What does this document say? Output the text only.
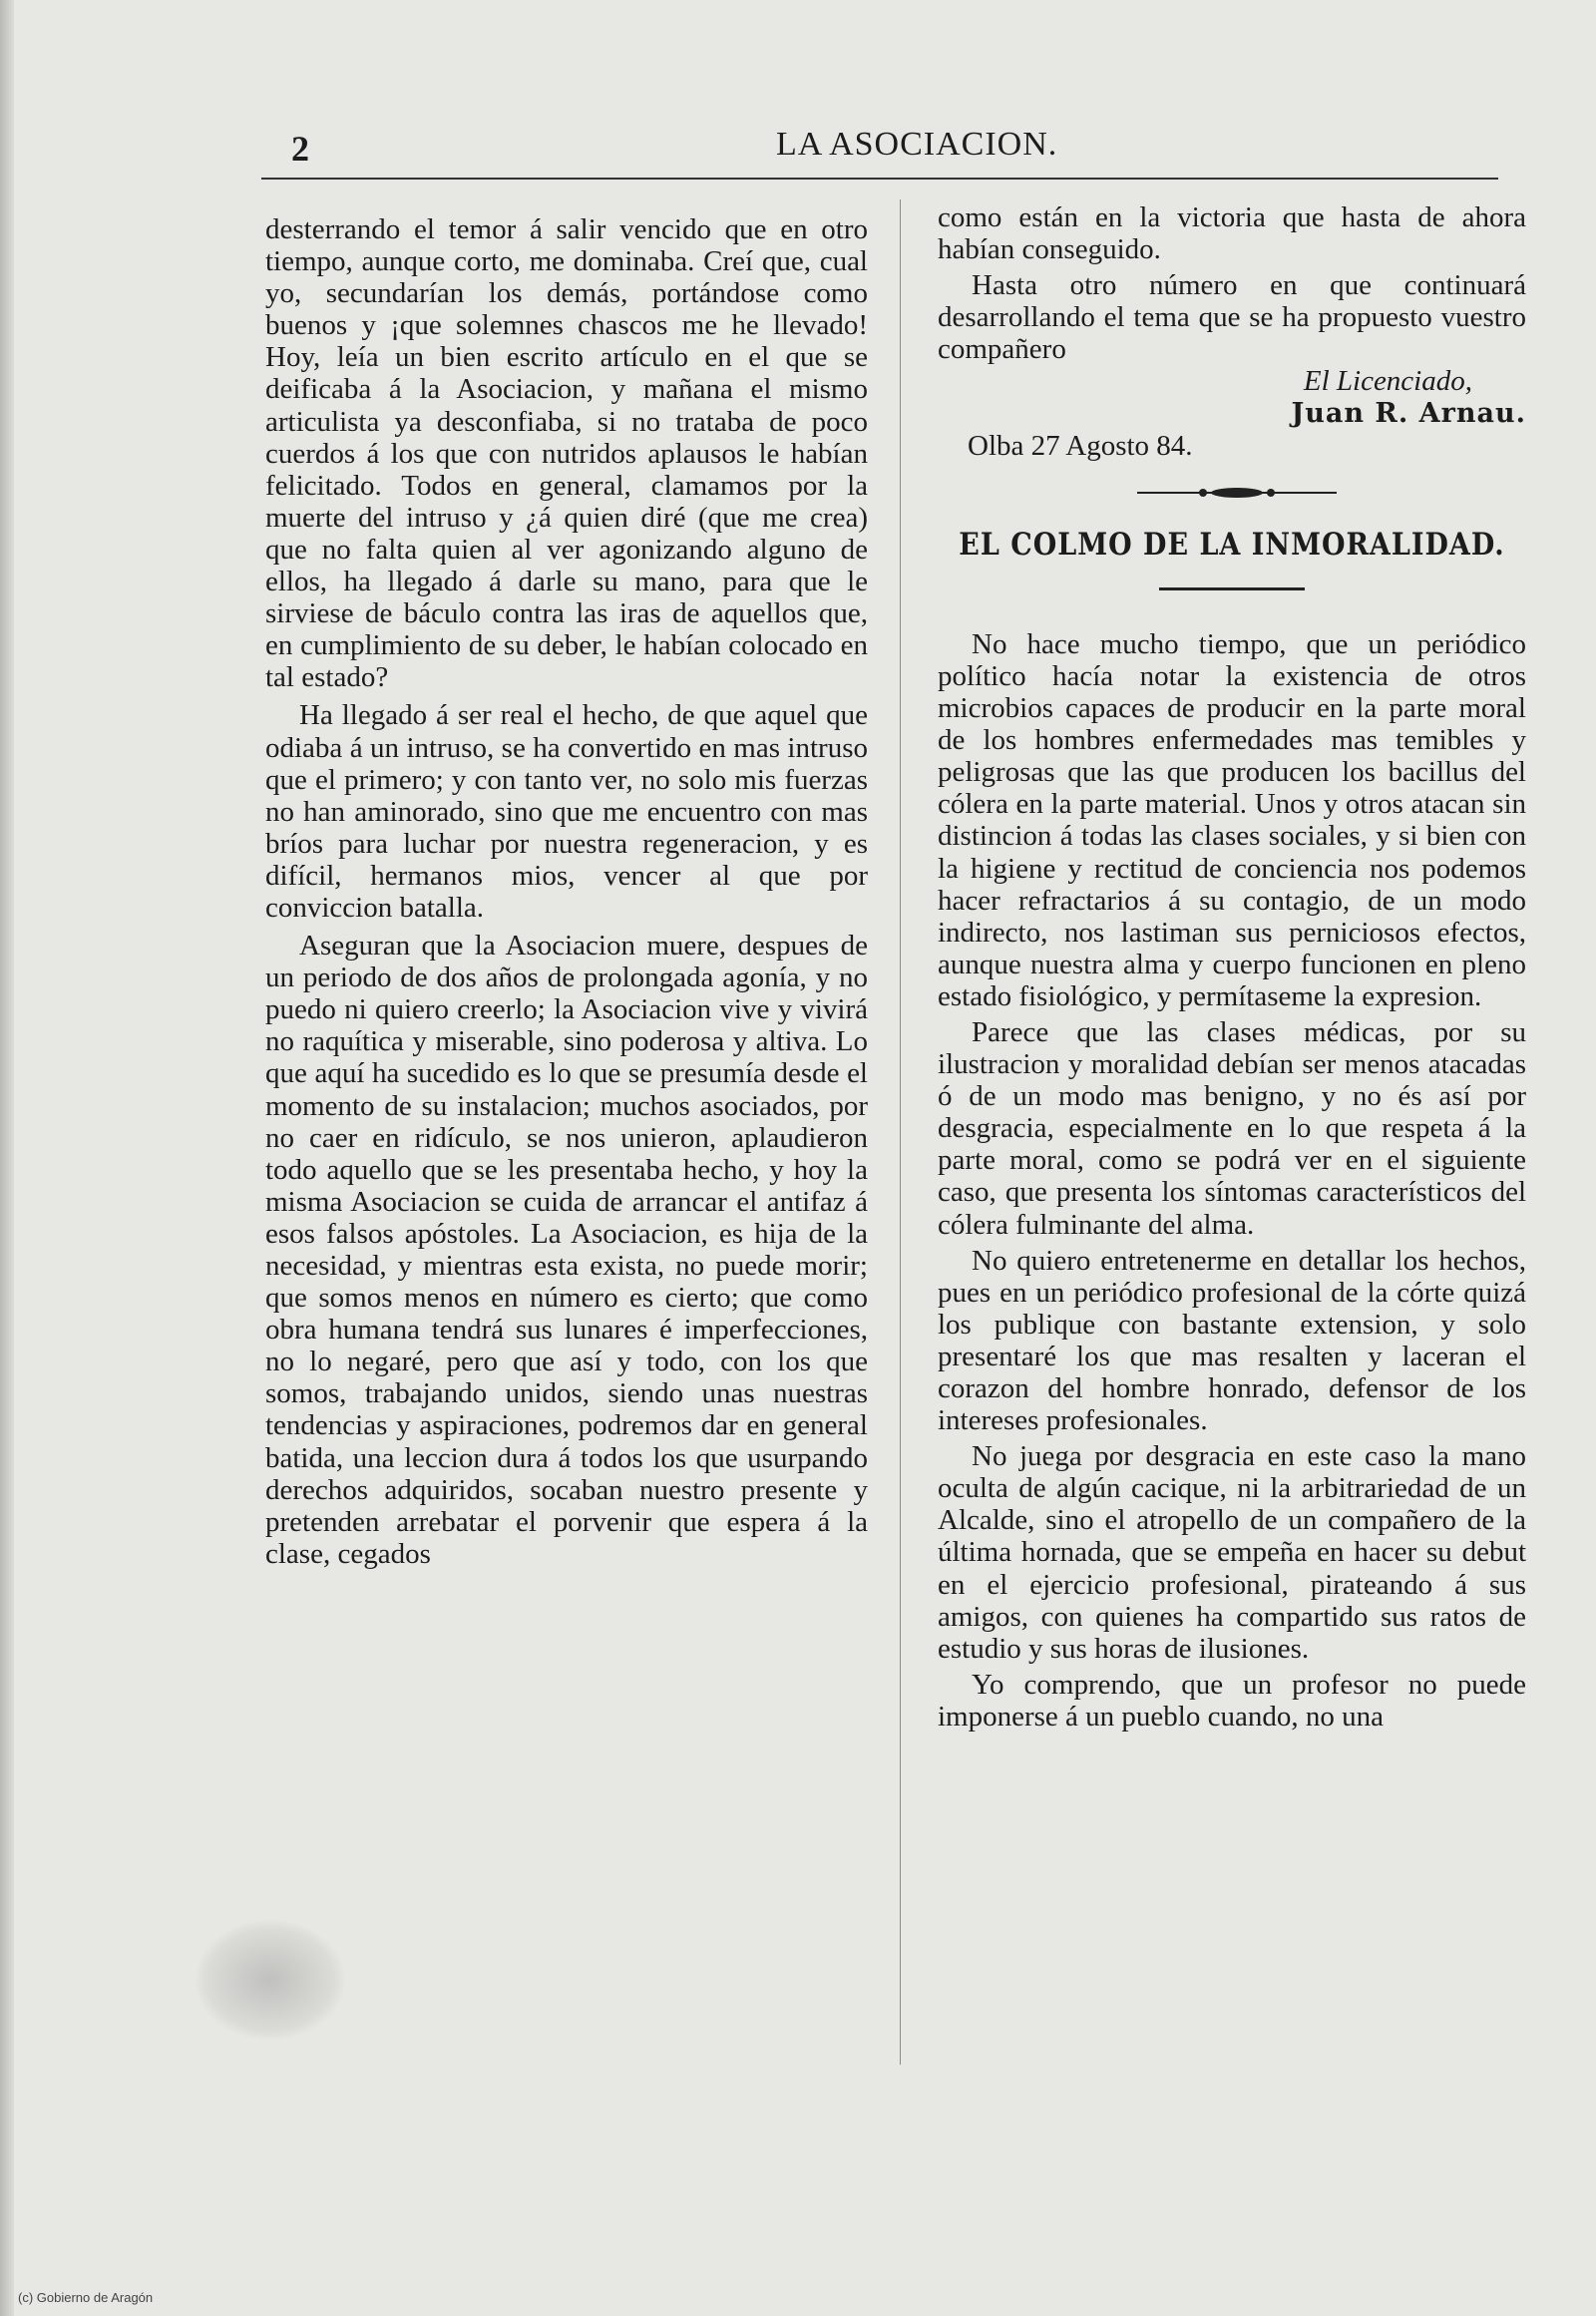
2	LA ASOCIACION.

desterrando el temor á salir vencido que en otro tiempo, aunque corto, me dominaba. Creí que, cual yo, secundarían los demás, portándose como buenos y ¡que solemnes chascos me he llevado! Hoy, leía un bien escrito artículo en el que se deificaba á la Asociacion, y mañana el mismo articulista ya desconfiaba, si no trataba de poco cuerdos á los que con nutridos aplausos le habían felicitado. Todos en general, clamamos por la muerte del intruso y ¿á quien diré (que me crea) que no falta quien al ver agonizando alguno de ellos, ha llegado á darle su mano, para que le sirviese de báculo contra las iras de aquellos que, en cumplimiento de su deber, le habían colocado en tal estado?

Ha llegado á ser real el hecho, de que aquel que odiaba á un intruso, se ha convertido en mas intruso que el primero; y con tanto ver, no solo mis fuerzas no han aminorado, sino que me encuentro con mas bríos para luchar por nuestra regeneracion, y es difícil, hermanos mios, vencer al que por conviccion batalla.

Aseguran que la Asociacion muere, despues de un periodo de dos años de prolongada agonía, y no puedo ni quiero creerlo; la Asociacion vive y vivirá no raquítica y miserable, sino poderosa y altiva. Lo que aquí ha sucedido es lo que se presumía desde el momento de su instalacion; muchos asociados, por no caer en ridículo, se nos unieron, aplaudieron todo aquello que se les presentaba hecho, y hoy la misma Asociacion se cuida de arrancar el antifaz á esos falsos apóstoles. La Asociacion, es hija de la necesidad, y mientras esta exista, no puede morir; que somos menos en número es cierto; que como obra humana tendrá sus lunares é imperfecciones, no lo negaré, pero que así y todo, con los que somos, trabajando unidos, siendo unas nuestras tendencias y aspiraciones, podremos dar en general batida, una leccion dura á todos los que usurpando derechos adquiridos, socaban nuestro presente y pretenden arrebatar el porvenir que espera á la clase, cegados

como están en la victoria que hasta de ahora habían conseguido.

Hasta otro número en que continuará desarrollando el tema que se ha propuesto vuestro compañero

El Licenciado,

Juan R. Arnau.

Olba 27 Agosto 84.

EL COLMO DE LA INMORALIDAD.

No hace mucho tiempo, que un periódico político hacía notar la existencia de otros microbios capaces de producir en la parte moral de los hombres enfermedades mas temibles y peligrosas que las que producen los bacillus del cólera en la parte material. Unos y otros atacan sin distincion á todas las clases sociales, y si bien con la higiene y rectitud de conciencia nos podemos hacer refractarios á su contagio, de un modo indirecto, nos lastiman sus perniciosos efectos, aunque nuestra alma y cuerpo funcionen en pleno estado fisiológico, y permítaseme la expresion.

Parece que las clases médicas, por su ilustracion y moralidad debían ser menos atacadas ó de un modo mas benigno, y no és así por desgracia, especialmente en lo que respeta á la parte moral, como se podrá ver en el siguiente caso, que presenta los síntomas característicos del cólera fulminante del alma.

No quiero entretenerme en detallar los hechos, pues en un periódico profesional de la córte quizá los publique con bastante extension, y solo presentaré los que mas resalten y laceran el corazon del hombre honrado, defensor de los intereses profesionales.

No juega por desgracia en este caso la mano oculta de algún cacique, ni la arbitrariedad de un Alcalde, sino el atropello de un compañero de la última hornada, que se empeña en hacer su debut en el ejercicio profesional, pirateando á sus amigos, con quienes ha compartido sus ratos de estudio y sus horas de ilusiones.

Yo comprendo, que un profesor no puede imponerse á un pueblo cuando, no una

(c) Gobierno de Aragón
